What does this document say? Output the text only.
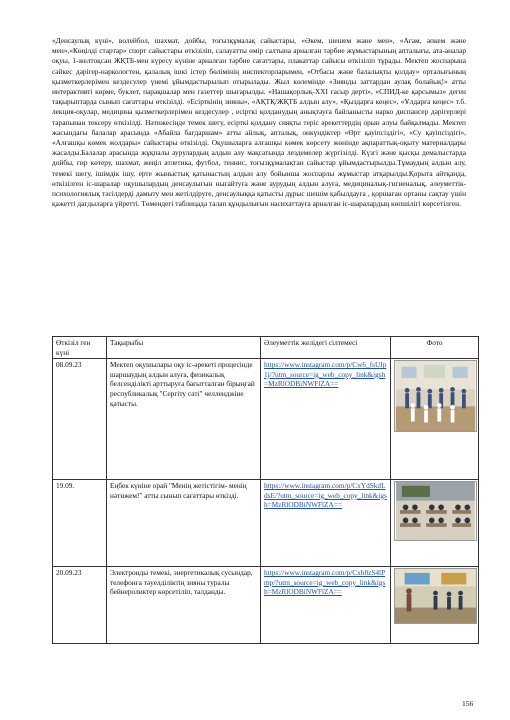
«Денсаулық күні», волейбол, шахмат, дойбы, тоғызқұмалақ сайыстары, «Әкем, шешем және мен», «Ағам, әпкем және мен»,«Көңілді стартар» спорт сайыстары өткізіліп, салауатты өмір салтына арналған тәрбие жұмыстарының апталығы, ата-аналар оқуы, 1-желтоқсан ЖҚТБ-мен күресу күніне арналған тәрбие сағаттары, плакаттар сайысы өткізіліп тұрады. Мектеп жоспарына сәйкес дәрігер-наркологтен, қалалық ішкі істер бөлімінің инспекторларымен, «Отбасы және балалықты қолдау» орталығының қызметкерлерімен кездесулер үнемі ұйымдастырылып отырылады. Жыл көлемінде «Зиянды заттардан аулақ болайық!» атты интерактивті көрме, буклет, парақшалар мен газеттер шығарылды. «Нашақорлық-ХХІ ғасыр дерті», «СПИД-ке қарсымыз» деген тақырыптарда сынып сағаттары өткізілді. «Есірткінің зияны», «АҚТҚ/ЖҚТБ алдын алу», «Қыздарға кеңес», «Ұлдарға кеңес» т.б. лекция-оқулар, медицина қызметкерлерімен кездесулер , есірткі қолданудың анықтауға байланысты нарко диспансер дәрігерлері тарапынан тексеру өткізілді. Нәтижесінде темек шегу, есірткі қолдану сияқты теріс әрекеттердің орын алуы байқалмады. Мектеп жасындағы балалар арасында «Абайла бағдаршам» атты айлық, апталық, онкүндіктер «Өрт қауіпсіздігі», «Су қауіпсіздігі», «Алғашқы көмек жолдары» сайыстары өткізілді. Оқушыларға алғашқы көмек көрсету жөнінде ақпараттық-оқыту материалдары жасалды.Балалар арасында жұқпалы аурулардың алдын алу мақсатында лездемелер жүргізілді. Күзгі және қысқы демалыстарда дойбы, гир көтеру, шахмат, жеңіл атлетика, футбол, теннис, тоғызқұмалақтан сайыстар ұйымдастырылды.Тұмаудың алдын алу, темекі шегу, ішімдік ішу, ерте жыныстық қатынастың алдын алу бойынша жоспарлы жұмыстар атқарылды.Қорыта айтқанда, өткізілген іс-шаралар оқушылардың денсаулығын нығайтуға және аурудың алдын алуға, медициналық-гигиеналық, әлеуметтік-психологиялық тәсілдерді дамыту мен жетілдіруге, денсаулыққа қатысты дұрыс шешім қабылдауға , қоршаған ортаны сақтау үшін қажетті дағдыларға үйретті. Төмендегі таблицада талап құндылығын насихаттауға арналған іс-шаралардың көпшілігі көрсетілген.
Өткізіл ген күні	Тақырыбы	Әлеуметтік желідегі сілтемесі	Фото
08.09.23	Мектеп оқушылары оқу іс-әрекеті процесінде шаршаудың алдын алуға, физикалық белсенділікті арттыруға бағытталған бірыңғай республикалық "Сергіту сәті" челленджіне қатысты.	https://www.instagram.com/p/Cw6_fsUIp1j/?utm_source=ig_web_copy_link&igsh=MzRlODBiNWFlZA==	

19.09.	Еңбек күніне орай "Менің жетістігім- менің нәтижем!" атты сынып сағаттары өткізді.	https://www.instagram.com/p/CxYdSkdLdsE/?utm_source=ig_web_copy_link&igsh=MzRlODBiNWFlZA==	

20.09.23	Электронды темекі, энергетикалық сусындар, телефонға тәуелділіктің зияны туралы бейнероликтер көрсетіліп, талданды.	https://www.instagram.com/p/Cxb8zS4lPmp/?utm_source=ig_web_copy_link&igsh=MzRlODBiNWFlZA==	
156
